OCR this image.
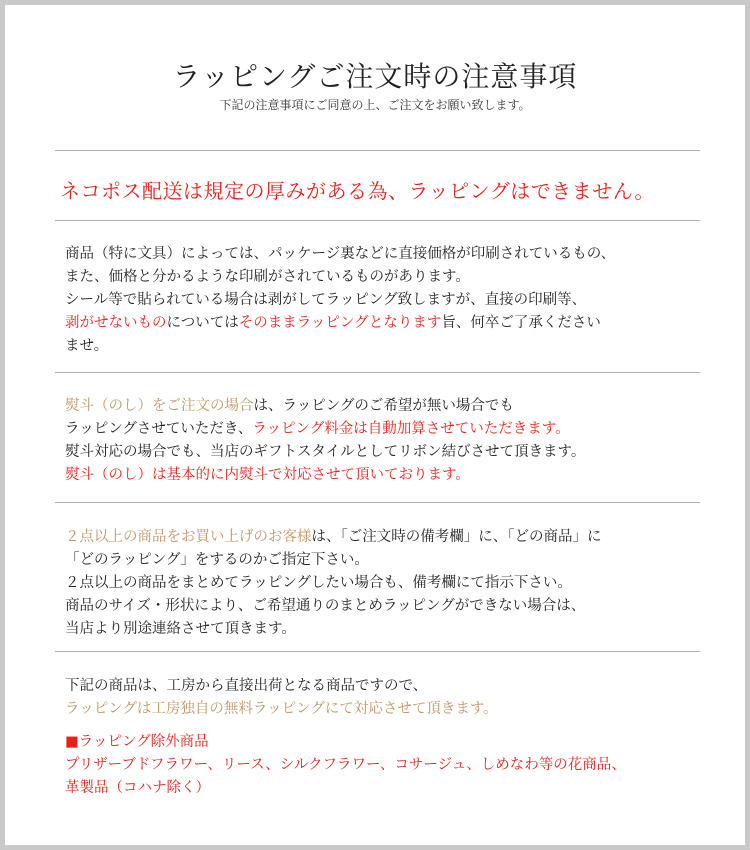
ラッピングご注文時の注意事項

下記の注意事項にご同意の上、ご注文をお願い致します。

ネコポス配送は規定の厚みがある為、ラッピングはできません。

商品（特に文具）によっては、パッケージ裏などに直接価格が印刷されているもの、

また、価格と分かるような印刷がされているものがあります。

シール等で貼られている場合は剥がしてラッピング致しますが、直接の印刷等、

剥がせないものについてはそのままラッピングとなります旨、何卒ご了承ください

ませ。

熨斗（のし）をご注文の場合は、ラッピングのご希望が無い場合でも

ラッピングさせていただき、ラッピング料金は自動加算させていただきます。

熨斗対応の場合でも、当店のギフトスタイルとしてリボン結びさせて頂きます。

熨斗（のし）は基本的に内熨斗で対応させて頂いております。

２点以上の商品をお買い上げのお客様は、「ご注文時の備考欄」に、「どの商品」に

「どのラッピング」をするのかご指定下さい。

２点以上の商品をまとめてラッピングしたい場合も、備考欄にて指示下さい。

商品のサイズ・形状により、ご希望通りのまとめラッピングができない場合は、

当店より別途連絡させて頂きます。

下記の商品は、工房から直接出荷となる商品ですので、

ラッピングは工房独自の無料ラッピングにて対応させて頂きます。

■ラッピング除外商品

プリザーブドフラワー、リース、シルクフラワー、コサージュ、しめなわ等の花商品、

革製品（コハナ除く）
